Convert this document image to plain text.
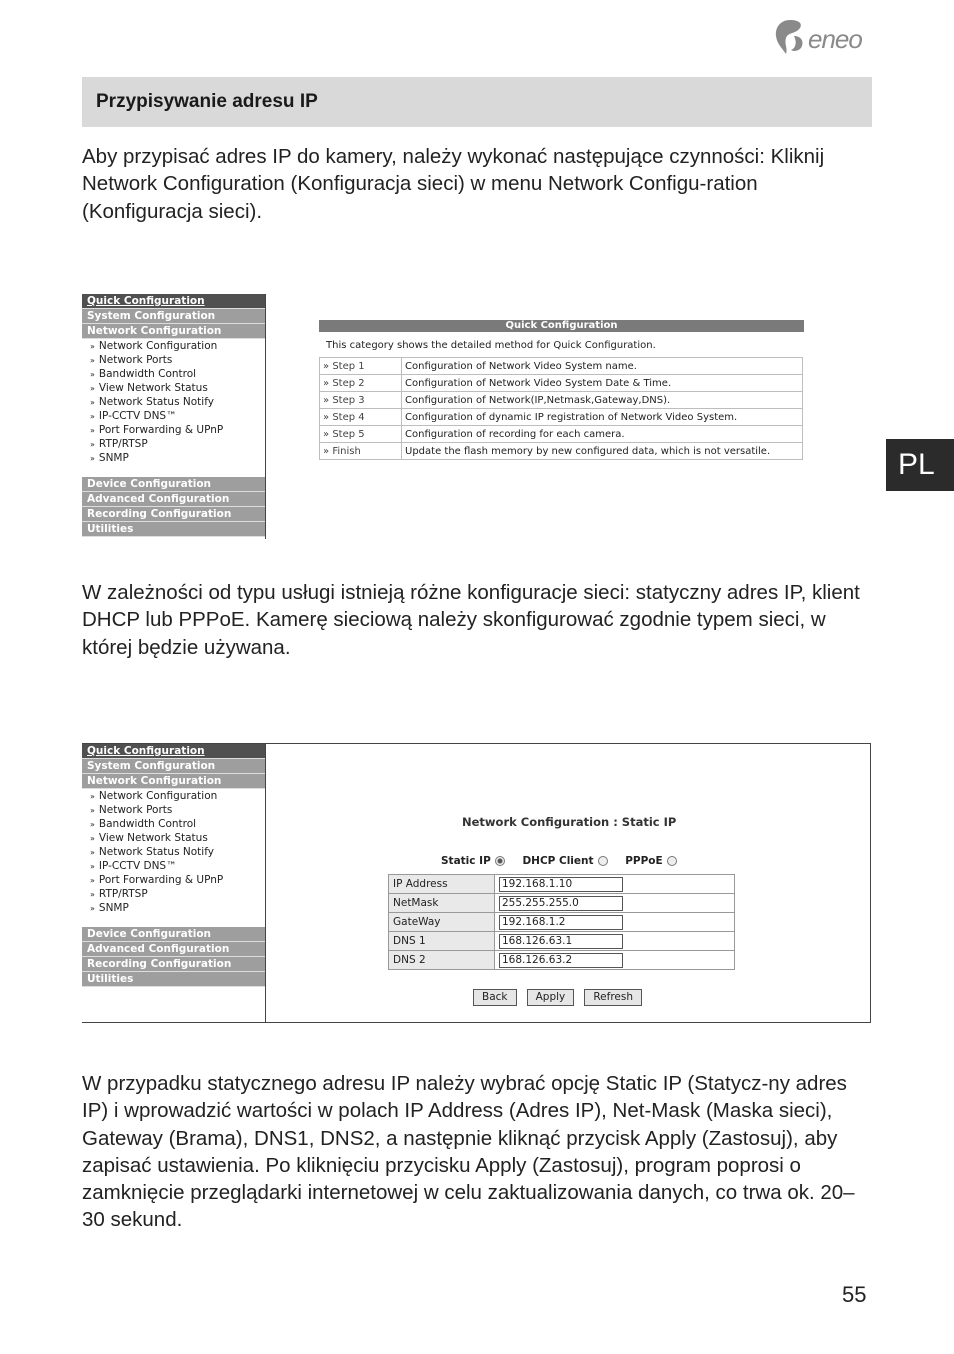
eneo
Przypisywanie adresu IP

Aby przypisać adres IP do kamery, należy wykonać następujące czynności: Kliknij Network Configuration (Konfiguracja sieci) w menu Network Configu-ration (Konfiguracja sieci).

Quick Configuration
System Configuration
Network Configuration
» Network Configuration
» Network Ports
» Bandwidth Control
» View Network Status
» Network Status Notify
» IP-CCTV DNS™
» Port Forwarding & UPnP
» RTP/RTSP
» SNMP
Device Configuration
Advanced Configuration
Recording Configuration
Utilities
Quick Configuration
This category shows the detailed method for Quick Configuration.
» Step 1	Configuration of Network Video System name.
» Step 2	Configuration of Network Video System Date & Time.
» Step 3	Configuration of Network(IP,Netmask,Gateway,DNS).
» Step 4	Configuration of dynamic IP registration of Network Video System.
» Step 5	Configuration of recording for each camera.
» Finish	Update the flash memory by new configured data, which is not versatile.	PL

W zależności od typu usługi istnieją różne konfiguracje sieci: statyczny adres IP, klient DHCP lub PPPoE. Kamerę sieciową należy skonfigurować zgodnie typem sieci, w której będzie używana.

Quick Configuration
System Configuration
Network Configuration
» Network Configuration
» Network Ports
» Bandwidth Control
» View Network Status
» Network Status Notify
» IP-CCTV DNS™
» Port Forwarding & UPnP
» RTP/RTSP
» SNMP
Device Configuration
Advanced Configuration
Recording Configuration
Utilities
Network Configuration : Static IP
Static IP	DHCP Client	PPPoE
IP Address	192.168.1.10
NetMask	255.255.255.0
GateWay	192.168.1.2
DNS 1	168.126.63.1
DNS 2	168.126.63.2
Back	Apply	Refresh

W przypadku statycznego adresu IP należy wybrać opcję Static IP (Statycz-ny adres IP) i wprowadzić wartości w polach IP Address (Adres IP), Net-Mask (Maska sieci), Gateway (Brama), DNS1, DNS2, a następnie kliknąć przycisk Apply (Zastosuj), aby zapisać ustawienia. Po kliknięciu przycisku Apply (Zastosuj), program poprosi o zamknięcie przeglądarki internetowej w celu zaktualizowania danych, co trwa ok. 20–30 sekund.

55
